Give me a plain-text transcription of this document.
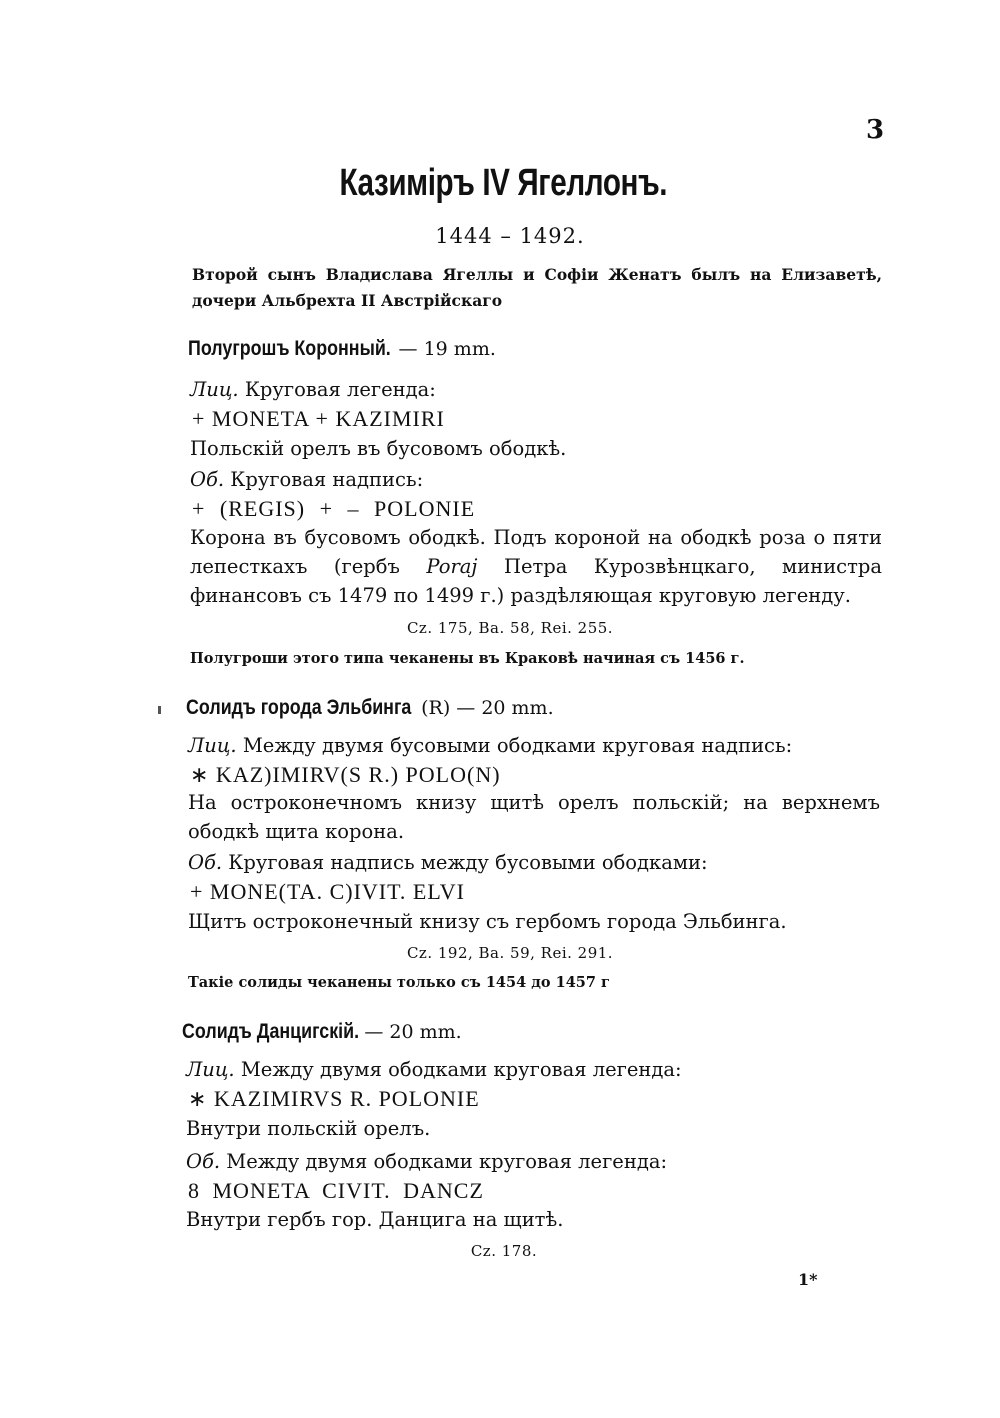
3
Казиміръ IV Ягеллонъ.
1444 – 1492.
Второй сынъ Владислава Ягеллы и Софіи Женатъ былъ на Елизаветѣ, дочери Альбрехта II Австрійскаго
Полугрошъ Коронный. — 19 mm.
Лиц. Круговая легенда:
+ MONETA + KAZIMIRI
Польскій орелъ въ бусовомъ ободкѣ.
Об. Круговая надпись:
+ (REGIS) + – POLONIE
Корона въ бусовомъ ободкѣ. Подъ короной на ободкѣ роза о пяти лепесткахъ (гербъ Poraj Петра Курозвѣнцкаго, министра финансовъ съ 1479 по 1499 г.) раздѣляющая круговую легенду.
Cz. 175, Ba. 58, Rei. 255.
Полугроши этого типа чеканены въ Краковѣ начиная съ 1456 г.
Солидъ города Эльбинга (R) — 20 mm.
Лиц. Между двумя бусовыми ободками круговая надпись:
∗ KAZ)IMIRV(S R.) POLO(N)
На остроконечномъ книзу щитѣ орелъ польскій; на верхнемъ ободкѣ щита корона.
Об. Круговая надпись между бусовыми ободками:
+ MONE(TA. C)IVIT. ELVI
Щитъ остроконечный книзу съ гербомъ города Эльбинга.
Cz. 192, Ba. 59, Rei. 291.
Такіе солиды чеканены только съ 1454 до 1457 г
Солидъ Данцигскій. — 20 mm.
Лиц. Между двумя ободками круговая легенда:
∗ KAZIMIRVS R. POLONIE
Внутри польскій орелъ.
Об. Между двумя ободками круговая легенда:
8 MONETA CIVIT. DANCZ
Внутри гербъ гор. Данцига на щитѣ.
Cz. 178.
1*
